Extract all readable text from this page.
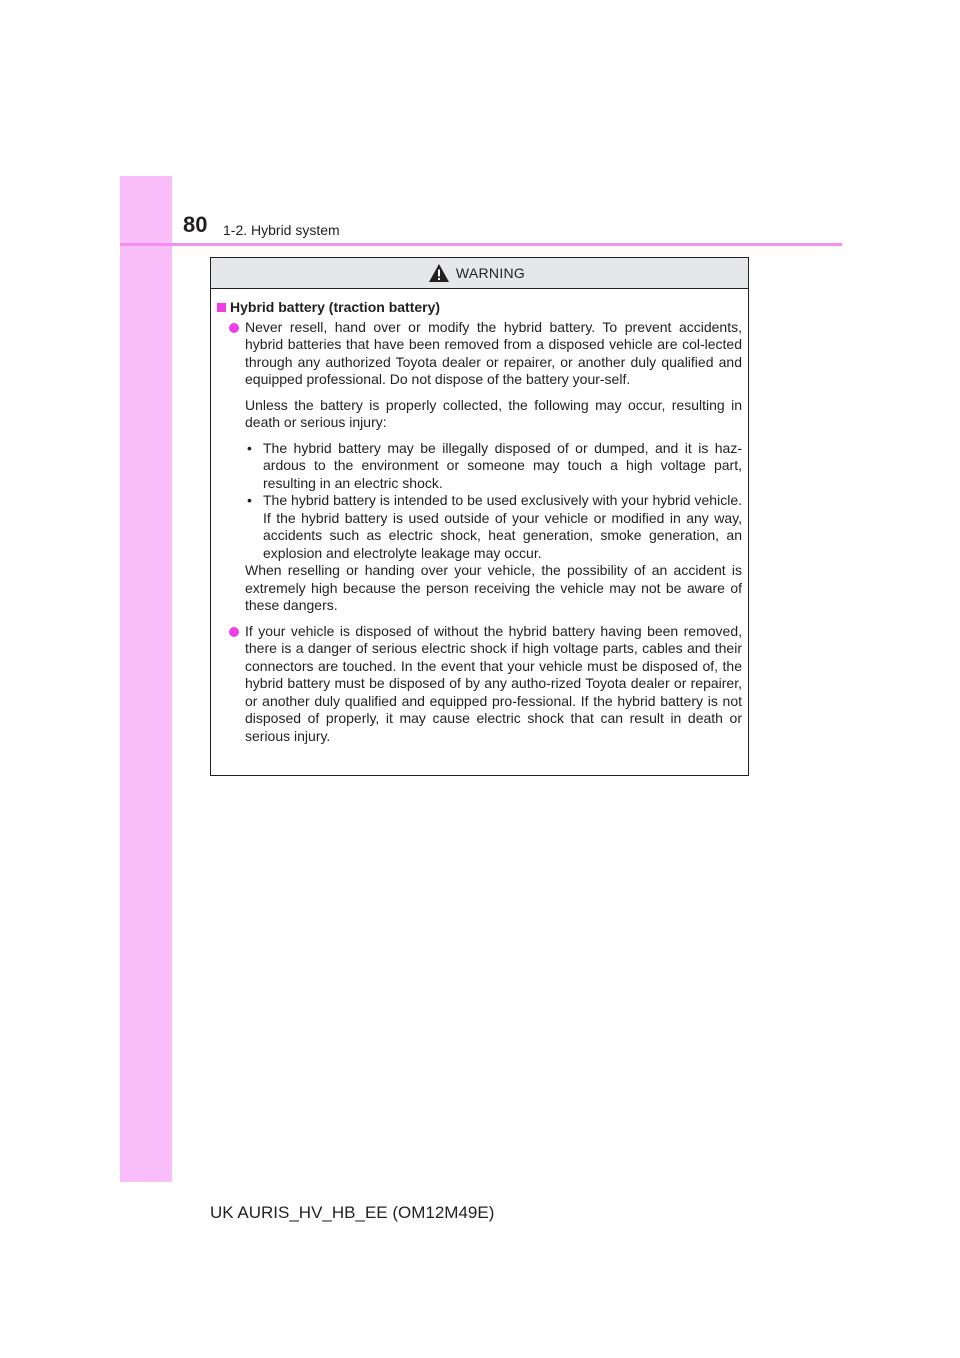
80 1-2. Hybrid system
WARNING
Hybrid battery (traction battery)

Never resell, hand over or modify the hybrid battery. To prevent accidents, hybrid batteries that have been removed from a disposed vehicle are col-lected through any authorized Toyota dealer or repairer, or another duly qualified and equipped professional. Do not dispose of the battery your-self.

Unless the battery is properly collected, the following may occur, resulting in death or serious injury:

• The hybrid battery may be illegally disposed of or dumped, and it is haz-ardous to the environment or someone may touch a high voltage part, resulting in an electric shock.
• The hybrid battery is intended to be used exclusively with your hybrid vehicle. If the hybrid battery is used outside of your vehicle or modified in any way, accidents such as electric shock, heat generation, smoke generation, an explosion and electrolyte leakage may occur.

When reselling or handing over your vehicle, the possibility of an accident is extremely high because the person receiving the vehicle may not be aware of these dangers.

If your vehicle is disposed of without the hybrid battery having been removed, there is a danger of serious electric shock if high voltage parts, cables and their connectors are touched. In the event that your vehicle must be disposed of, the hybrid battery must be disposed of by any autho-rized Toyota dealer or repairer, or another duly qualified and equipped pro-fessional. If the hybrid battery is not disposed of properly, it may cause electric shock that can result in death or serious injury.

UK AURIS_HV_HB_EE (OM12M49E)
